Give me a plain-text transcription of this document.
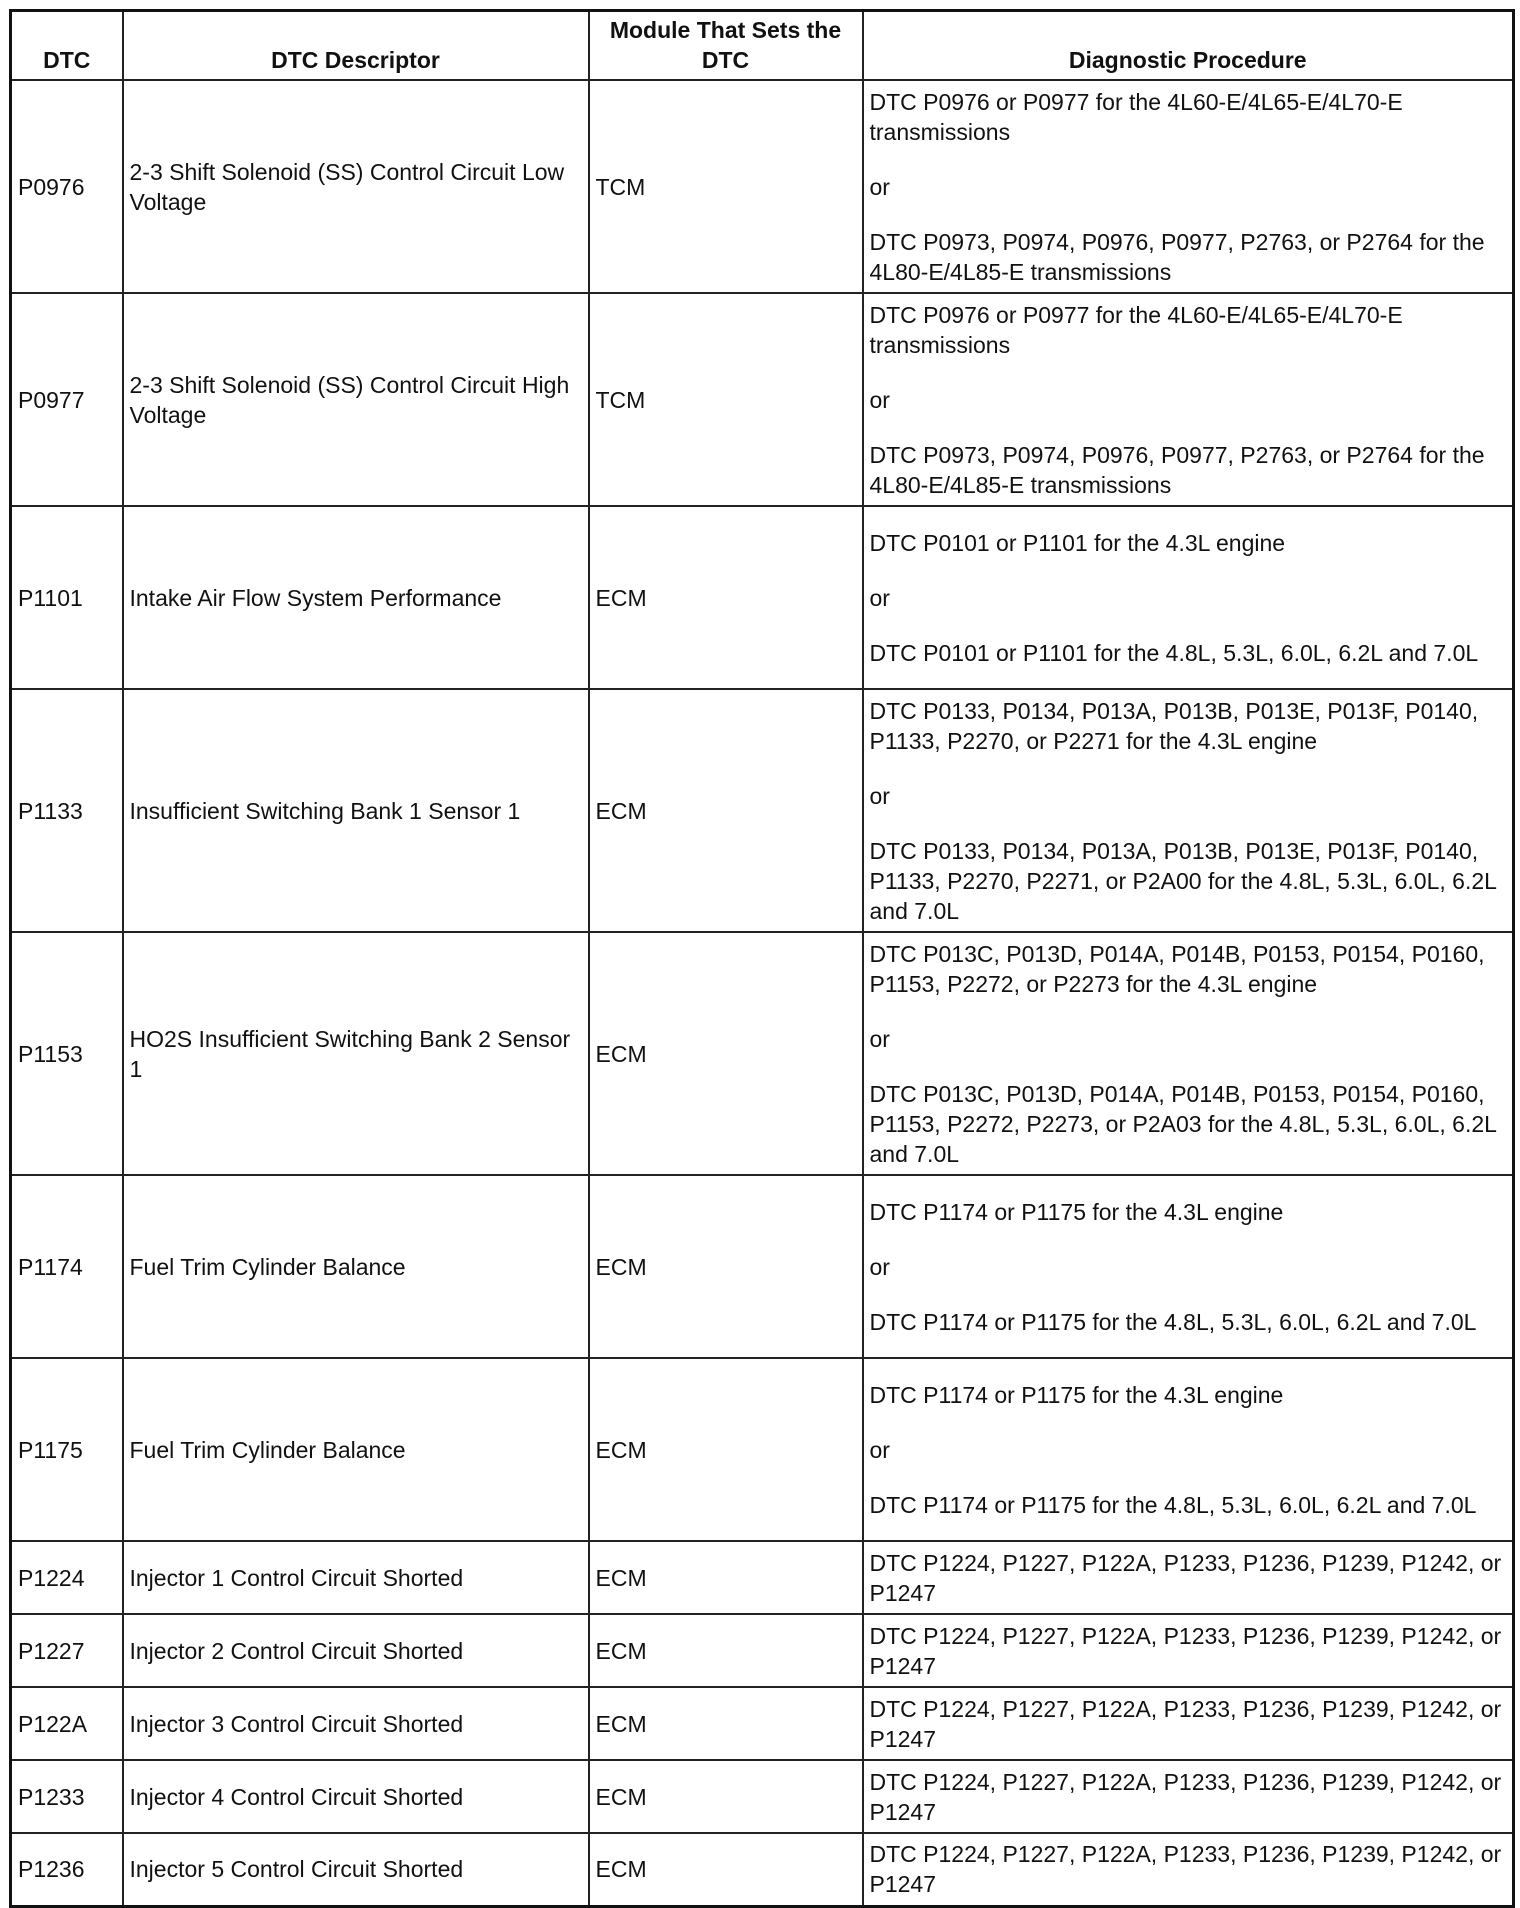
DTC	DTC Descriptor	Module That Sets the DTC	Diagnostic Procedure
P0976	2-3 Shift Solenoid (SS) Control Circuit Low Voltage	TCM	DTC P0976 or P0977 for the 4L60-E/4L65-E/4L70-E transmissions
or
DTC P0973, P0974, P0976, P0977, P2763, or P2764 for the 4L80-E/4L85-E transmissions

P0977	2-3 Shift Solenoid (SS) Control Circuit High Voltage	TCM	DTC P0976 or P0977 for the 4L60-E/4L65-E/4L70-E transmissions
or
DTC P0973, P0974, P0976, P0977, P2763, or P2764 for the 4L80-E/4L85-E transmissions

P1101	Intake Air Flow System Performance	ECM	DTC P0101 or P1101 for the 4.3L engine
or
DTC P0101 or P1101 for the 4.8L, 5.3L, 6.0L, 6.2L and 7.0L

P1133	Insufficient Switching Bank 1 Sensor 1	ECM	DTC P0133, P0134, P013A, P013B, P013E, P013F, P0140, P1133, P2270, or P2271 for the 4.3L engine
or
DTC P0133, P0134, P013A, P013B, P013E, P013F, P0140, P1133, P2270, P2271, or P2A00 for the 4.8L, 5.3L, 6.0L, 6.2L and 7.0L

P1153	HO2S Insufficient Switching Bank 2 Sensor 1	ECM	DTC P013C, P013D, P014A, P014B, P0153, P0154, P0160, P1153, P2272, or P2273 for the 4.3L engine
or
DTC P013C, P013D, P014A, P014B, P0153, P0154, P0160, P1153, P2272, P2273, or P2A03 for the 4.8L, 5.3L, 6.0L, 6.2L and 7.0L

P1174	Fuel Trim Cylinder Balance	ECM	DTC P1174 or P1175 for the 4.3L engine
or
DTC P1174 or P1175 for the 4.8L, 5.3L, 6.0L, 6.2L and 7.0L

P1175	Fuel Trim Cylinder Balance	ECM	DTC P1174 or P1175 for the 4.3L engine
or
DTC P1174 or P1175 for the 4.8L, 5.3L, 6.0L, 6.2L and 7.0L

P1224	Injector 1 Control Circuit Shorted	ECM	DTC P1224, P1227, P122A, P1233, P1236, P1239, P1242, or P1247

P1227	Injector 2 Control Circuit Shorted	ECM	DTC P1224, P1227, P122A, P1233, P1236, P1239, P1242, or P1247

P122A	Injector 3 Control Circuit Shorted	ECM	DTC P1224, P1227, P122A, P1233, P1236, P1239, P1242, or P1247

P1233	Injector 4 Control Circuit Shorted	ECM	DTC P1224, P1227, P122A, P1233, P1236, P1239, P1242, or P1247

P1236	Injector 5 Control Circuit Shorted	ECM	DTC P1224, P1227, P122A, P1233, P1236, P1239, P1242, or P1247
